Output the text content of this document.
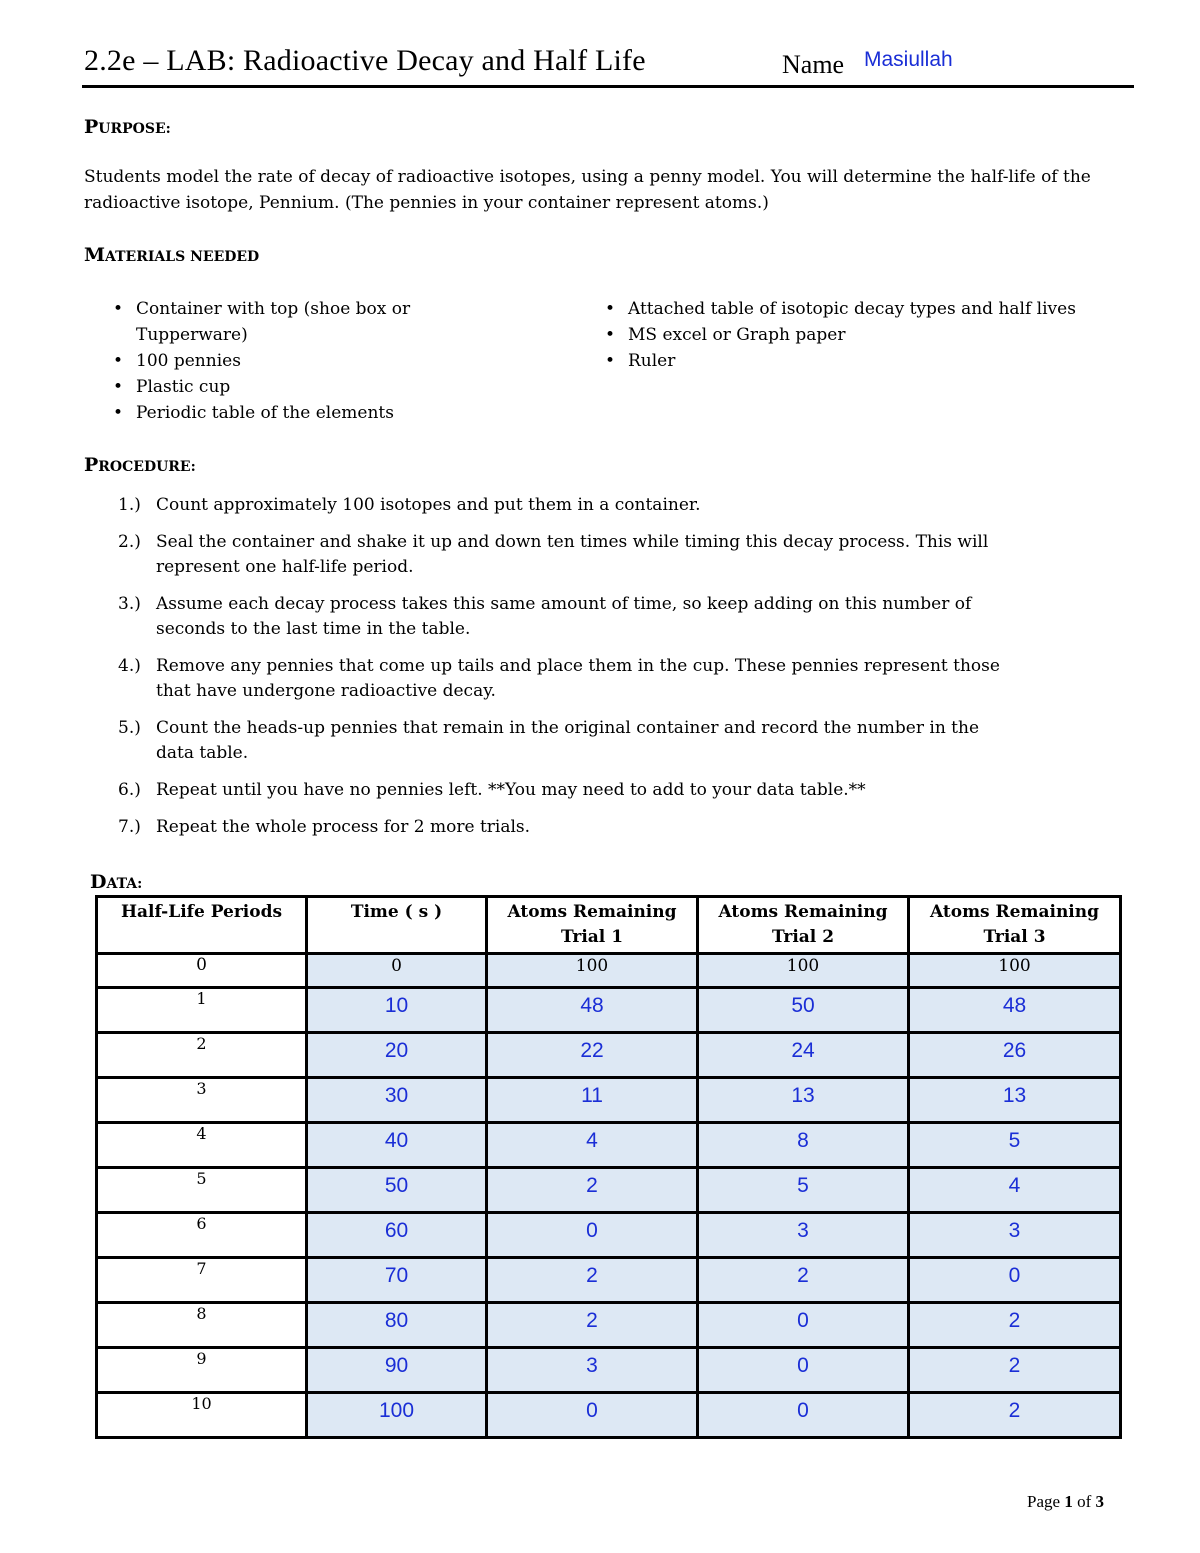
2.2e – LAB: Radioactive Decay and Half Life	Name Masiullah
PURPOSE:
Students model the rate of decay of radioactive isotopes, using a penny model. You will determine the half-life of the radioactive isotope, Pennium. (The pennies in your container represent atoms.)
MATERIALS NEEDED
• Container with top (shoe box or Tupperware)
• 100 pennies
• Plastic cup
• Periodic table of the elements
• Attached table of isotopic decay types and half lives
• MS excel or Graph paper
• Ruler
PROCEDURE:
1.) Count approximately 100 isotopes and put them in a container.
2.) Seal the container and shake it up and down ten times while timing this decay process. This will represent one half-life period.
3.) Assume each decay process takes this same amount of time, so keep adding on this number of seconds to the last time in the table.
4.) Remove any pennies that come up tails and place them in the cup. These pennies represent those that have undergone radioactive decay.
5.) Count the heads-up pennies that remain in the original container and record the number in the data table.
6.) Repeat until you have no pennies left. **You may need to add to your data table.**
7.) Repeat the whole process for 2 more trials.
DATA:
Half-Life Periods	Time ( s )	Atoms Remaining Trial 1	Atoms Remaining Trial 2	Atoms Remaining Trial 3
0	0	100	100	100
1	10	48	50	48
2	20	22	24	26
3	30	11	13	13
4	40	4	8	5
5	50	2	5	4
6	60	0	3	3
7	70	2	2	0
8	80	2	0	2
9	90	3	0	2
10	100	0	0	2
Page 1 of 3
